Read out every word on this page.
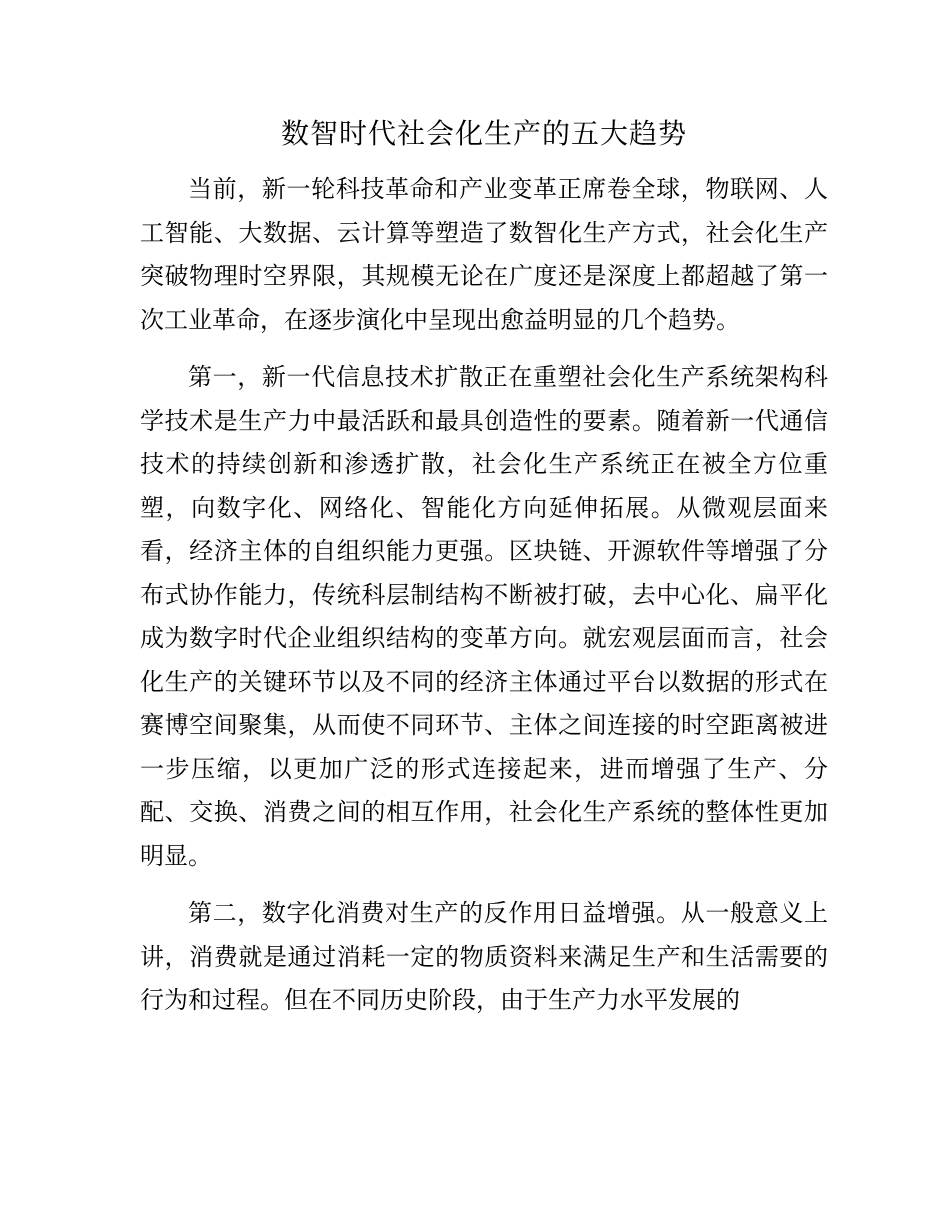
数智时代社会化生产的五大趋势

当前，新一轮科技革命和产业变革正席卷全球，物联网、人工智能、大数据、云计算等塑造了数智化生产方式，社会化生产突破物理时空界限，其规模无论在广度还是深度上都超越了第一次工业革命，在逐步演化中呈现出愈益明显的几个趋势。

第一，新一代信息技术扩散正在重塑社会化生产系统架构科学技术是生产力中最活跃和最具创造性的要素。随着新一代通信技术的持续创新和渗透扩散，社会化生产系统正在被全方位重塑，向数字化、网络化、智能化方向延伸拓展。从微观层面来看，经济主体的自组织能力更强。区块链、开源软件等增强了分布式协作能力，传统科层制结构不断被打破，去中心化、扁平化成为数字时代企业组织结构的变革方向。就宏观层面而言，社会化生产的关键环节以及不同的经济主体通过平台以数据的形式在赛博空间聚集，从而使不同环节、主体之间连接的时空距离被进一步压缩，以更加广泛的形式连接起来，进而增强了生产、分配、交换、消费之间的相互作用，社会化生产系统的整体性更加明显。

第二，数字化消费对生产的反作用日益增强。从一般意义上讲，消费就是通过消耗一定的物质资料来满足生产和生活需要的行为和过程。但在不同历史阶段，由于生产力水平发展的
